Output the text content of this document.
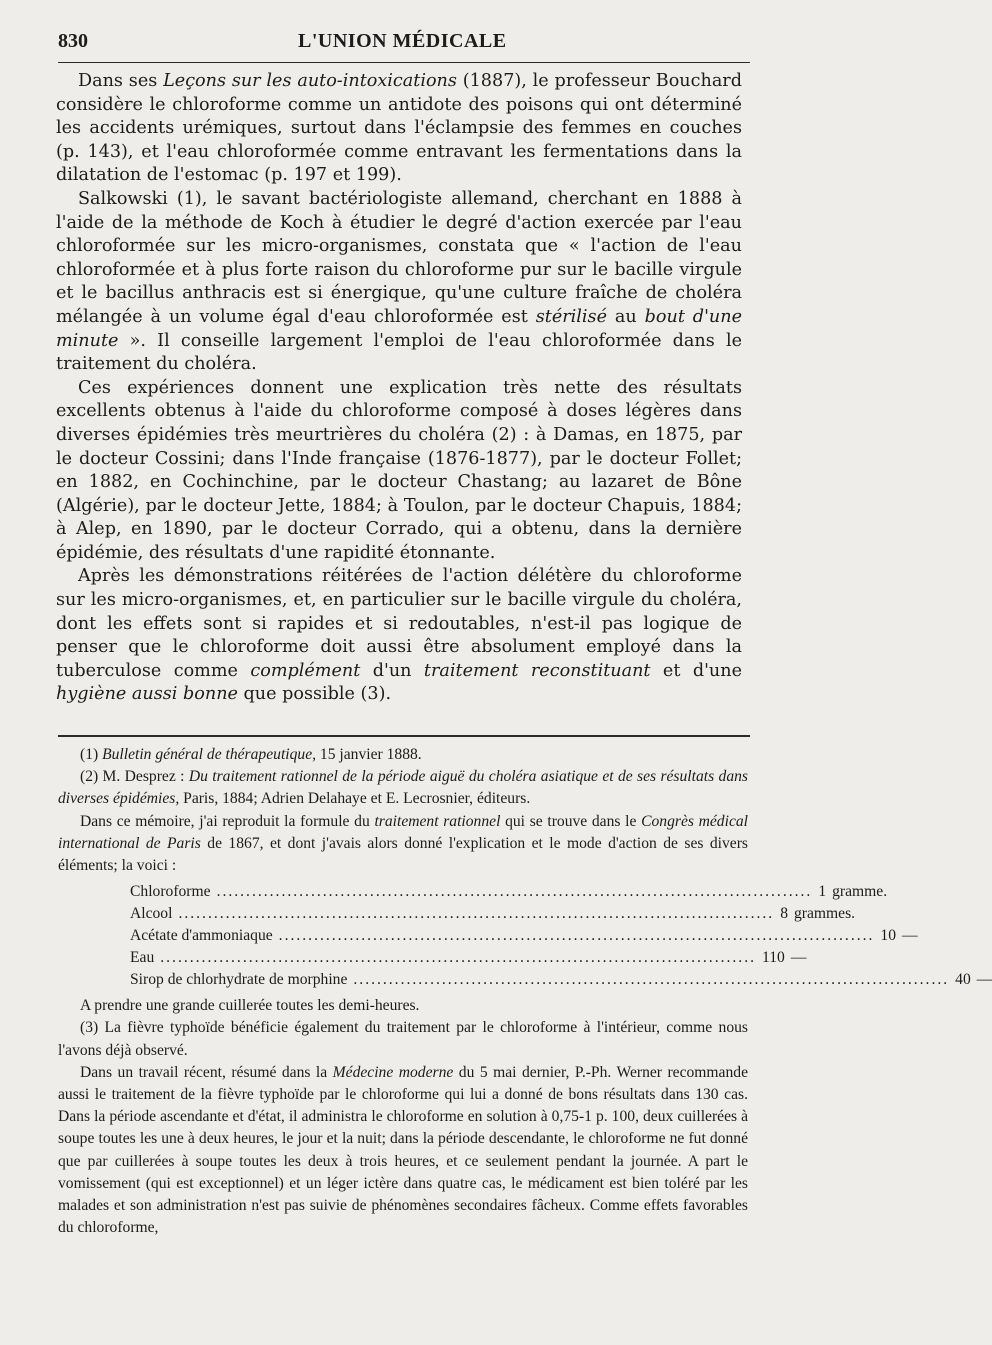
830	L'UNION MÉDICALE

Dans ses Leçons sur les auto-intoxications (1887), le professeur Bouchard considère le chloroforme comme un antidote des poisons qui ont déterminé les accidents urémiques, surtout dans l'éclampsie des femmes en couches (p. 143), et l'eau chloroformée comme entravant les fermentations dans la dilatation de l'estomac (p. 197 et 199).

Salkowski (1), le savant bactériologiste allemand, cherchant en 1888 à l'aide de la méthode de Koch à étudier le degré d'action exercée par l'eau chloroformée sur les micro-organismes, constata que « l'action de l'eau chloroformée et à plus forte raison du chloroforme pur sur le bacille virgule et le bacillus anthracis est si énergique, qu'une culture fraîche de choléra mélangée à un volume égal d'eau chloroformée est stérilisé au bout d'une minute ». Il conseille largement l'emploi de l'eau chloroformée dans le traitement du choléra.

Ces expériences donnent une explication très nette des résultats excellents obtenus à l'aide du chloroforme composé à doses légères dans diverses épidémies très meurtrières du choléra (2) : à Damas, en 1875, par le docteur Cossini; dans l'Inde française (1876-1877), par le docteur Follet; en 1882, en Cochinchine, par le docteur Chastang; au lazaret de Bône (Algérie), par le docteur Jette, 1884; à Toulon, par le docteur Chapuis, 1884; à Alep, en 1890, par le docteur Corrado, qui a obtenu, dans la dernière épidémie, des résultats d'une rapidité étonnante.

Après les démonstrations réitérées de l'action délétère du chloroforme sur les micro-organismes, et, en particulier sur le bacille virgule du choléra, dont les effets sont si rapides et si redoutables, n'est-il pas logique de penser que le chloroforme doit aussi être absolument employé dans la tuberculose comme complément d'un traitement reconstituant et d'une hygiène aussi bonne que possible (3).

(1) Bulletin général de thérapeutique, 15 janvier 1888.

(2) M. Desprez : Du traitement rationnel de la période aiguë du choléra asiatique et de ses résultats dans diverses épidémies, Paris, 1884; Adrien Delahaye et E. Lecrosnier, éditeurs.

Dans ce mémoire, j'ai reproduit la formule du traitement rationnel qui se trouve dans le Congrès médical international de Paris de 1867, et dont j'avais alors donné l'explication et le mode d'action de ses divers éléments; la voici :

Chloroforme ..................................................................................................... 1 gramme.
Alcool ..................................................................................................... 8 grammes.
Acétate d'ammoniaque ..................................................................................................... 10 —
Eau ..................................................................................................... 110 —
Sirop de chlorhydrate de morphine ..................................................................................................... 40 —

A prendre une grande cuillerée toutes les demi-heures.

(3) La fièvre typhoïde bénéficie également du traitement par le chloroforme à l'intérieur, comme nous l'avons déjà observé.

Dans un travail récent, résumé dans la Médecine moderne du 5 mai dernier, P.-Ph. Werner recommande aussi le traitement de la fièvre typhoïde par le chloroforme qui lui a donné de bons résultats dans 130 cas. Dans la période ascendante et d'état, il administra le chloroforme en solution à 0,75-1 p. 100, deux cuillerées à soupe toutes les une à deux heures, le jour et la nuit; dans la période descendante, le chloroforme ne fut donné que par cuillerées à soupe toutes les deux à trois heures, et ce seulement pendant la journée. A part le vomissement (qui est exceptionnel) et un léger ictère dans quatre cas, le médicament est bien toléré par les malades et son administration n'est pas suivie de phénomènes secondaires fâcheux. Comme effets favorables du chloroforme,
